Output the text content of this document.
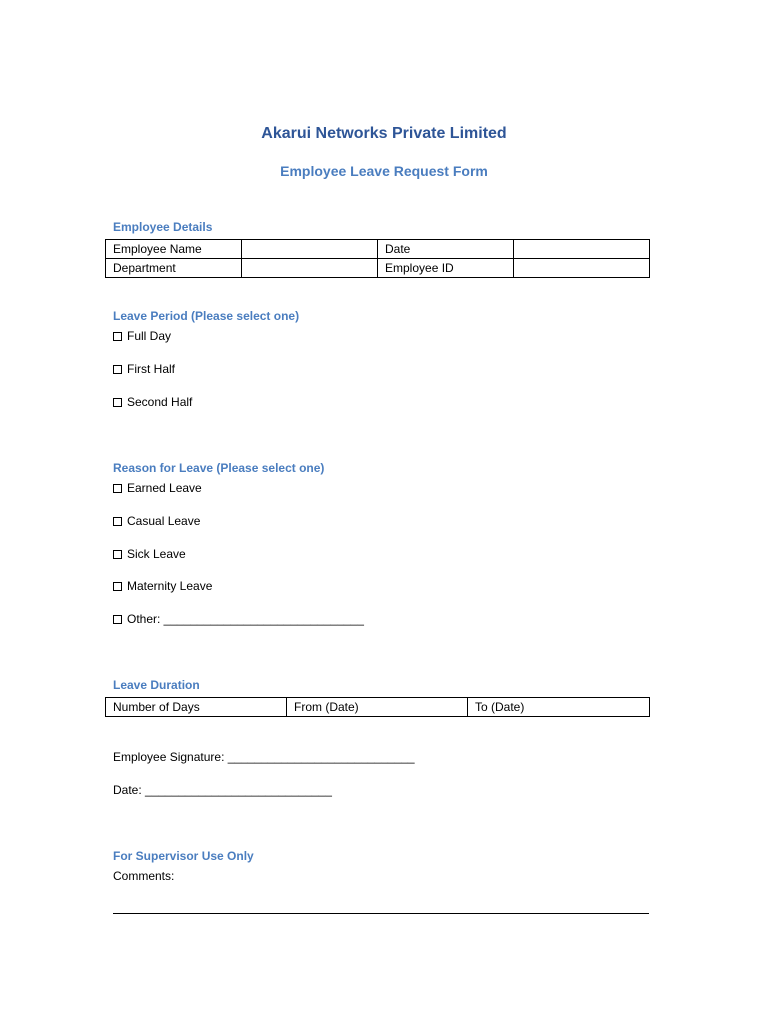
Akarui Networks Private Limited
Employee Leave Request Form
Employee Details
Employee Name		Date	
Department		Employee ID	
Leave Period (Please select one)
Full Day
First Half
Second Half
Reason for Leave (Please select one)
Earned Leave
Casual Leave
Sick Leave
Maternity Leave
Other: ______________________________
Leave Duration
Number of Days	From (Date)	To (Date)
Employee Signature: ____________________________
Date: ____________________________
For Supervisor Use Only
Comments:
